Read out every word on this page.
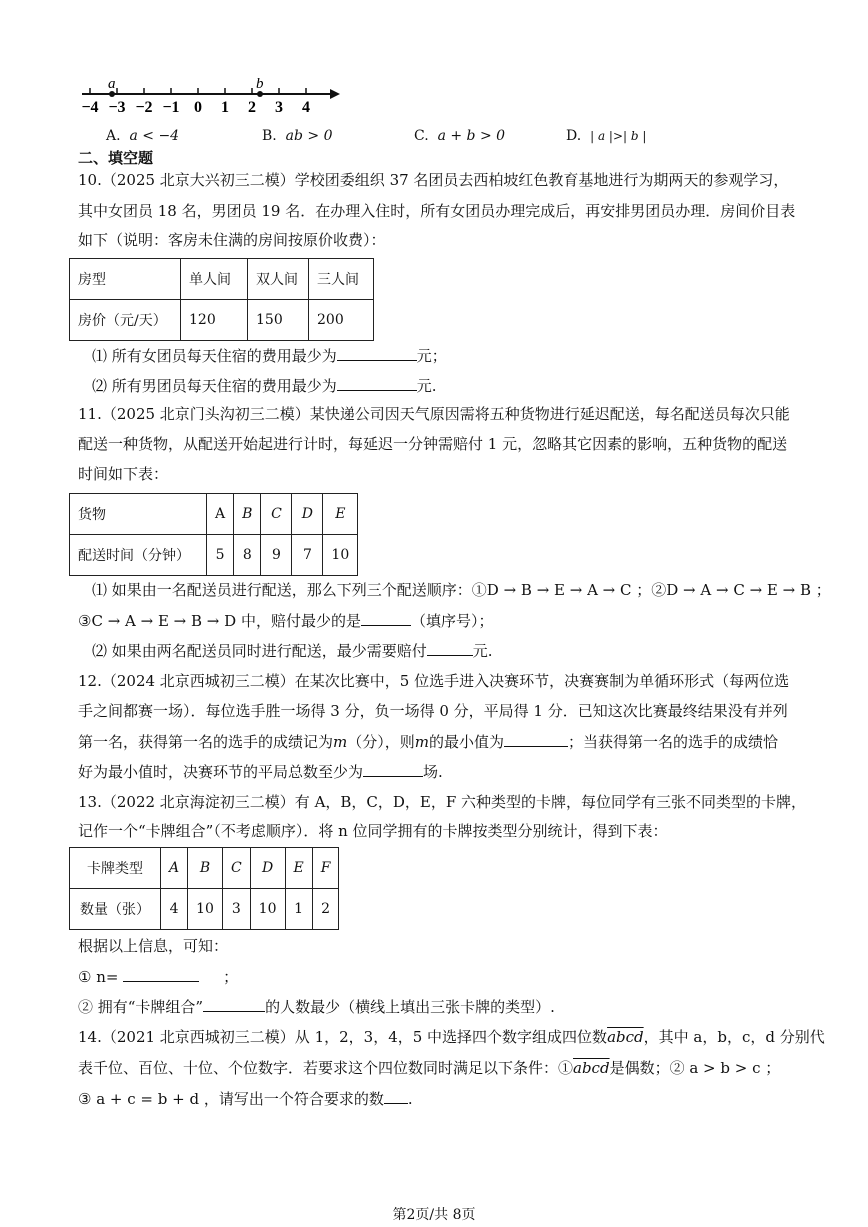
−4 −3 −2 −1 0 1 2 3 4
a	b
A. a < −4	B. ab > 0	C. a + b > 0	D. | a |>| b |
二、填空题
10.（2025 北京大兴初三二模）学校团委组织 37 名团员去西柏坡红色教育基地进行为期两天的参观学习，
其中女团员 18 名，男团员 19 名．在办理入住时，所有女团员办理完成后，再安排男团员办理．房间价目表
如下（说明：客房未住满的房间按原价收费）：
房型	单人间	双人间	三人间
房价（元/天）	120	150	200
⑴ 所有女团员每天住宿的费用最少为	元；
⑵ 所有男团员每天住宿的费用最少为	元.
11.（2025 北京门头沟初三二模）某快递公司因天气原因需将五种货物进行延迟配送，每名配送员每次只能
配送一种货物，从配送开始起进行计时，每延迟一分钟需赔付 1 元，忽略其它因素的影响，五种货物的配送
时间如下表：
货物	A	B	C	D	E
配送时间（分钟）	5	8	9	7	10
⑴ 如果由一名配送员进行配送，那么下列三个配送顺序：①D → B → E → A → C ；②D → A → C → E → B ；
③C → A → E → B → D 中，赔付最少的是	（填序号）；
⑵ 如果由两名配送员同时进行配送，最少需要赔付	元.
12.（2024 北京西城初三二模）在某次比赛中，5 位选手进入决赛环节，决赛赛制为单循环形式（每两位选
手之间都赛一场）．每位选手胜一场得 3 分，负一场得 0 分，平局得 1 分．已知这次比赛最终结果没有并列
第一名，获得第一名的选手的成绩记为m（分），则m的最小值为	；当获得第一名的选手的成绩恰
好为最小值时，决赛环节的平局总数至少为	场.
13.（2022 北京海淀初三二模）有 A，B，C，D，E，F 六种类型的卡牌，每位同学有三张不同类型的卡牌，
记作一个“卡牌组合”（不考虑顺序）．将 n 位同学拥有的卡牌按类型分别统计，得到下表：
卡牌类型	A	B	C	D	E	F
数量（张）	4	10	3	10	1	2
根据以上信息，可知：
① n=	；
② 拥有“卡牌组合”	的人数最少（横线上填出三张卡牌的类型）.
14.（2021 北京西城初三二模）从 1，2，3，4，5 中选择四个数字组成四位数abcd，其中 a，b，c，d 分别代
表千位、百位、十位、个位数字．若要求这个四位数同时满足以下条件：①abcd是偶数；② a > b > c ；
③ a + c = b + d ，请写出一个符合要求的数 .
第2页/共 8页
